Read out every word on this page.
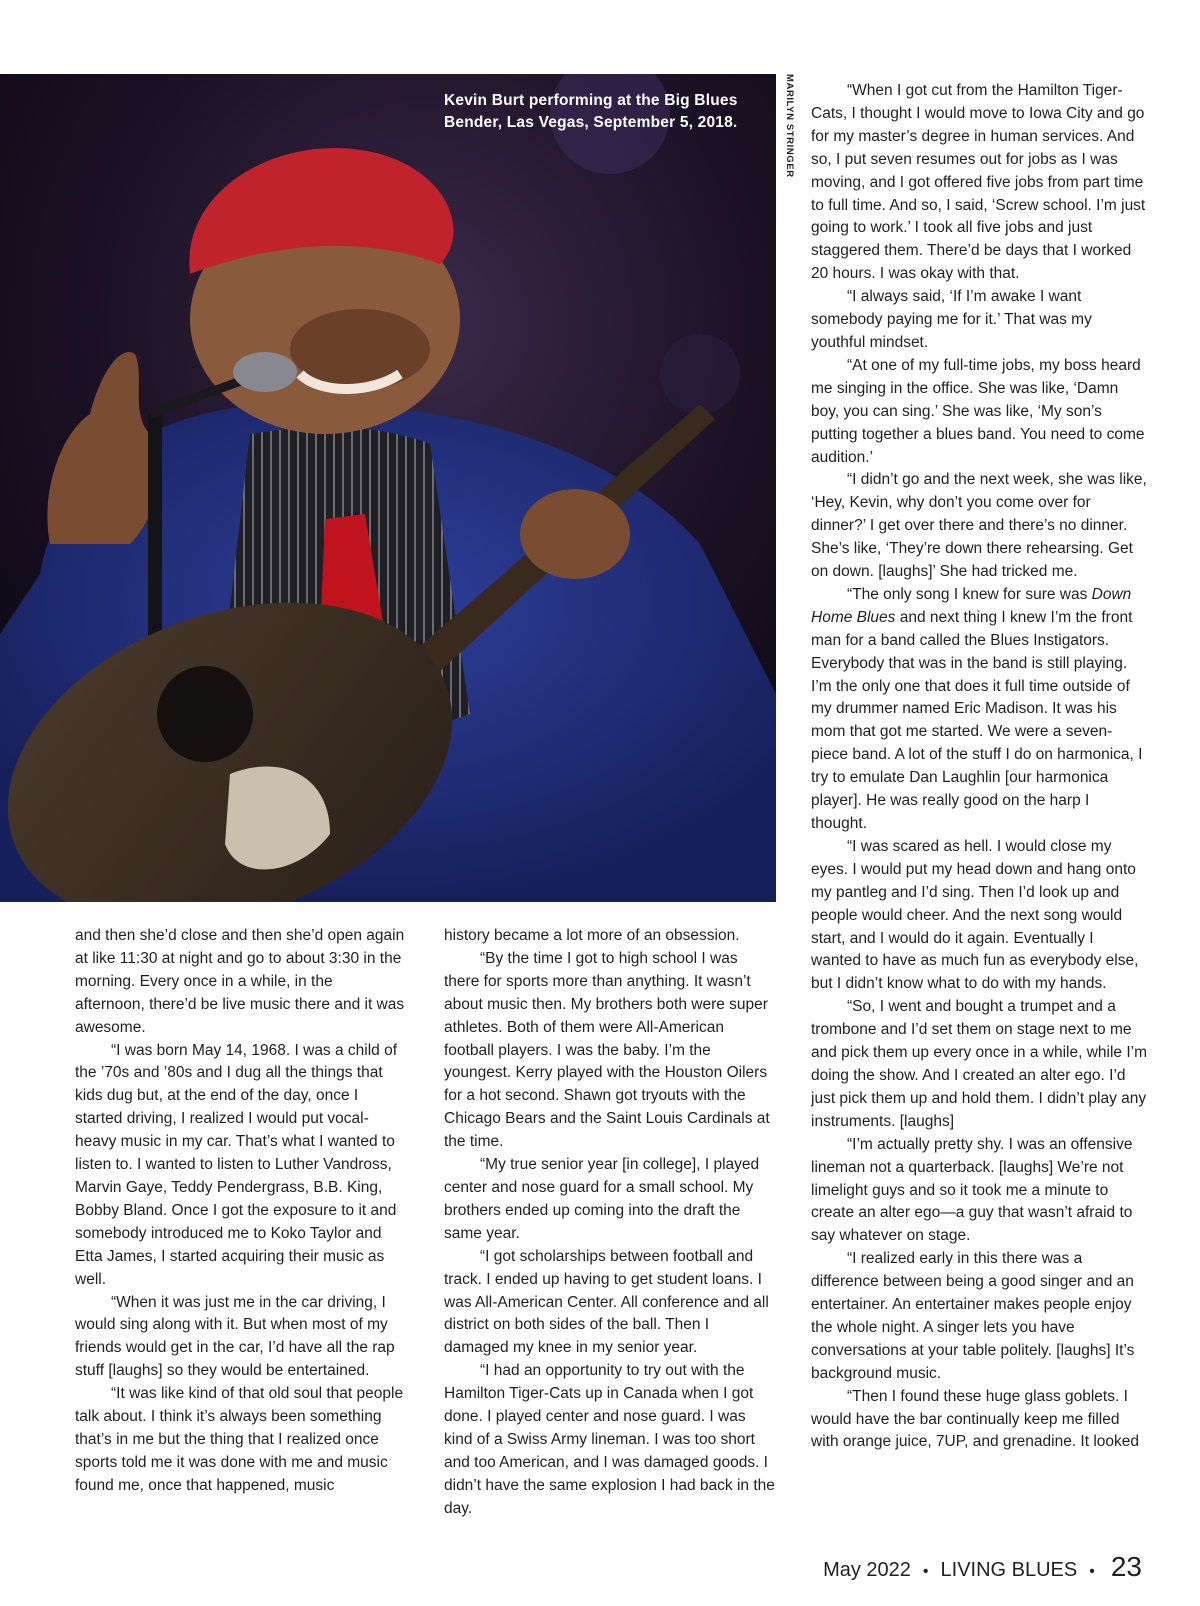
Kevin Burt performing at the Big Blues
Bender, Las Vegas, September 5, 2018.	MARILYN STRINGER

and then she’d close and then she’d open again at like 11:30 at night and go to about 3:30 in the morning. Every once in a while, in the afternoon, there’d be live music there and it was awesome.

“I was born May 14, 1968. I was a child of the ’70s and ’80s and I dug all the things that kids dug but, at the end of the day, once I started driving, I realized I would put vocal-heavy music in my car. That’s what I wanted to listen to. I wanted to listen to Luther Vandross, Marvin Gaye, Teddy Pendergrass, B.B. King, Bobby Bland. Once I got the exposure to it and somebody introduced me to Koko Taylor and Etta James, I started acquiring their music as well.

“When it was just me in the car driving, I would sing along with it. But when most of my friends would get in the car, I’d have all the rap stuff [laughs] so they would be entertained.

“It was like kind of that old soul that people talk about. I think it’s always been something that’s in me but the thing that I realized once sports told me it was done with me and music found me, once that happened, music

history became a lot more of an obsession.

“By the time I got to high school I was there for sports more than anything. It wasn’t about music then. My brothers both were super athletes. Both of them were All-American football players. I was the baby. I’m the youngest. Kerry played with the Houston Oilers for a hot second. Shawn got tryouts with the Chicago Bears and the Saint Louis Cardinals at the time.

“My true senior year [in college], I played center and nose guard for a small school. My brothers ended up coming into the draft the same year.

“I got scholarships between football and track. I ended up having to get student loans. I was All-American Center. All conference and all district on both sides of the ball. Then I damaged my knee in my senior year.

“I had an opportunity to try out with the Hamilton Tiger-Cats up in Canada when I got done. I played center and nose guard. I was kind of a Swiss Army lineman. I was too short and too American, and I was damaged goods. I didn’t have the same explosion I had back in the day.

“When I got cut from the Hamilton Tiger-Cats, I thought I would move to Iowa City and go for my master’s degree in human services. And so, I put seven resumes out for jobs as I was moving, and I got offered five jobs from part time to full time. And so, I said, ‘Screw school. I’m just going to work.’ I took all five jobs and just staggered them. There’d be days that I worked 20 hours. I was okay with that.

“I always said, ‘If I’m awake I want somebody paying me for it.’ That was my youthful mindset.

“At one of my full-time jobs, my boss heard me singing in the office. She was like, ‘Damn boy, you can sing.’ She was like, ‘My son’s putting together a blues band. You need to come audition.’

“I didn’t go and the next week, she was like, ‘Hey, Kevin, why don’t you come over for dinner?’ I get over there and there’s no dinner. She’s like, ‘They’re down there rehearsing. Get on down. [laughs]’ She had tricked me.

“The only song I knew for sure was Down Home Blues and next thing I knew I’m the front man for a band called the Blues Instigators. Everybody that was in the band is still playing. I’m the only one that does it full time outside of my drummer named Eric Madison. It was his mom that got me started. We were a seven-piece band. A lot of the stuff I do on harmonica, I try to emulate Dan Laughlin [our harmonica player]. He was really good on the harp I thought.

“I was scared as hell. I would close my eyes. I would put my head down and hang onto my pantleg and I’d sing. Then I’d look up and people would cheer. And the next song would start, and I would do it again. Eventually I wanted to have as much fun as everybody else, but I didn’t know what to do with my hands.

“So, I went and bought a trumpet and a trombone and I’d set them on stage next to me and pick them up every once in a while, while I’m doing the show. And I created an alter ego. I’d just pick them up and hold them. I didn’t play any instruments. [laughs]

“I’m actually pretty shy. I was an offensive lineman not a quarterback. [laughs] We’re not limelight guys and so it took me a minute to create an alter ego—a guy that wasn’t afraid to say whatever on stage.

“I realized early in this there was a difference between being a good singer and an entertainer. An entertainer makes people enjoy the whole night. A singer lets you have conversations at your table politely. [laughs] It’s background music.

“Then I found these huge glass goblets. I would have the bar continually keep me filled with orange juice, 7UP, and grenadine. It looked

May 2022 • LIVING BLUES • 23
